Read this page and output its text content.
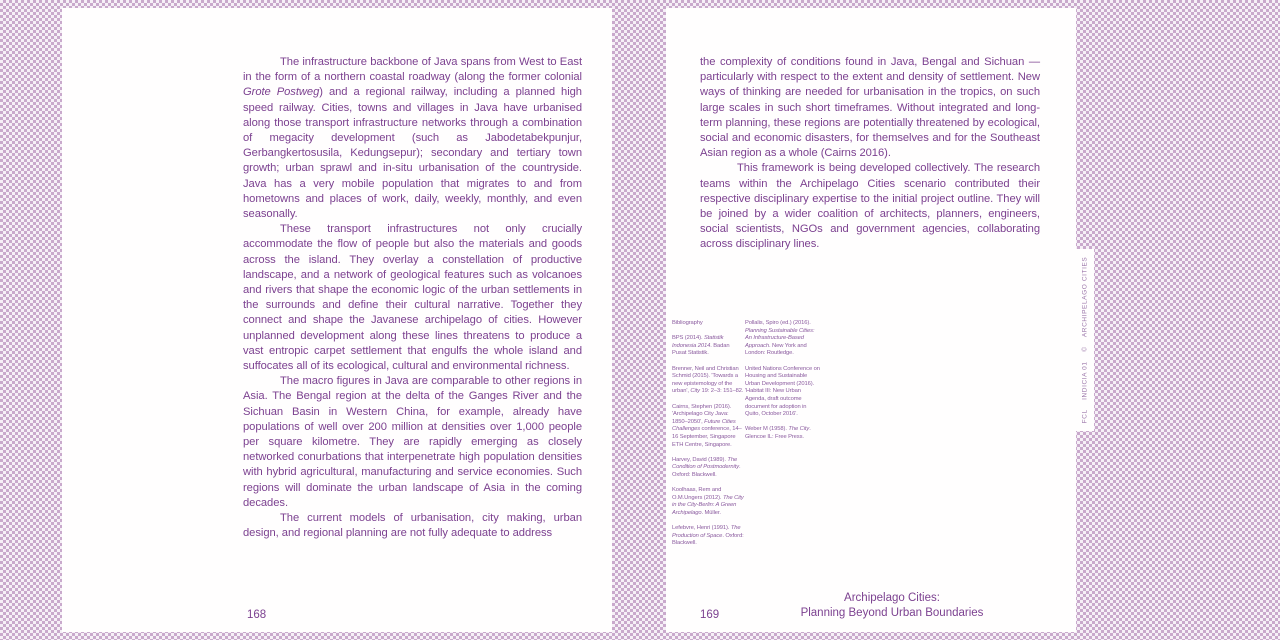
The infrastructure backbone of Java spans from West to East in the form of a northern coastal roadway (along the former colonial Grote Postweg) and a regional railway, including a planned high speed railway. Cities, towns and villages in Java have urbanised along those transport infrastructure networks through a combination of megacity development (such as Jabodetabekpunjur, Gerbangkertosusila, Kedungsepur); secondary and tertiary town growth; urban sprawl and in-situ urbanisation of the countryside. Java has a very mobile population that migrates to and from hometowns and places of work, daily, weekly, monthly, and even seasonally.

These transport infrastructures not only crucially accommodate the flow of people but also the materials and goods across the island. They overlay a constellation of productive landscape, and a network of geological features such as volcanoes and rivers that shape the economic logic of the urban settlements in the surrounds and define their cultural narrative. Together they connect and shape the Javanese archipelago of cities. However unplanned development along these lines threatens to produce a vast entropic carpet settlement that engulfs the whole island and suffocates all of its ecological, cultural and environmental richness.

The macro figures in Java are comparable to other regions in Asia. The Bengal region at the delta of the Ganges River and the Sichuan Basin in Western China, for example, already have populations of well over 200 million at densities over 1,000 people per square kilometre. They are rapidly emerging as closely networked conurbations that interpenetrate high population densities with hybrid agricultural, manufacturing and service economies. Such regions will dominate the urban landscape of Asia in the coming decades.

The current models of urbanisation, city making, urban design, and regional planning are not fully adequate to address

168

the complexity of conditions found in Java, Bengal and Sichuan —particularly with respect to the extent and density of settlement. New ways of thinking are needed for urbanisation in the tropics, on such large scales in such short timeframes. Without integrated and long-term planning, these regions are potentially threatened by ecological, social and economic disasters, for themselves and for the Southeast Asian region as a whole (Cairns 2016).

This framework is being developed collectively. The research teams within the Archipelago Cities scenario contributed their respective disciplinary expertise to the initial project outline. They will be joined by a wider coalition of architects, planners, engineers, social scientists, NGOs and government agencies, collaborating across disciplinary lines.

Bibliography

BPS (2014). Statistik Indonesia 2014. Badan Pusat Statistik.

Brenner, Neil and Christian Schmid (2015). 'Towards a new epistemology of the urban', City 19: 2–3: 151–82.

Cairns, Stephen (2016). 'Archipelago City Java: 1850–2050', Future Cities Challenges conference, 14–16 September, Singapore ETH Centre, Singapore.

Harvey, David (1989). The Condition of Postmodernity. Oxford: Blackwell.

Koolhaas, Rem and O.M.Ungers (2012). The City in the City-Berlin: A Green Archipelago. Müller.

Lefebvre, Henri (1991). The Production of Space. Oxford: Blackwell.

Pollalis, Spiro (ed.) (2016). Planning Sustainable Cities: An Infrastructure-Based Approach. New York and London: Routledge.

United Nations Conference on Housing and Sustainable Urban Development (2016). 'Habitat III: New Urban Agenda, draft outcome document for adoption in Quito, October 2016'.

Weber M (1958). The City. Glencoe IL: Free Press.

Archipelago Cities:
Planning Beyond Urban Boundaries
169
FCL    INDICIA 01    ©    ARCHIPELAGO CITIES
